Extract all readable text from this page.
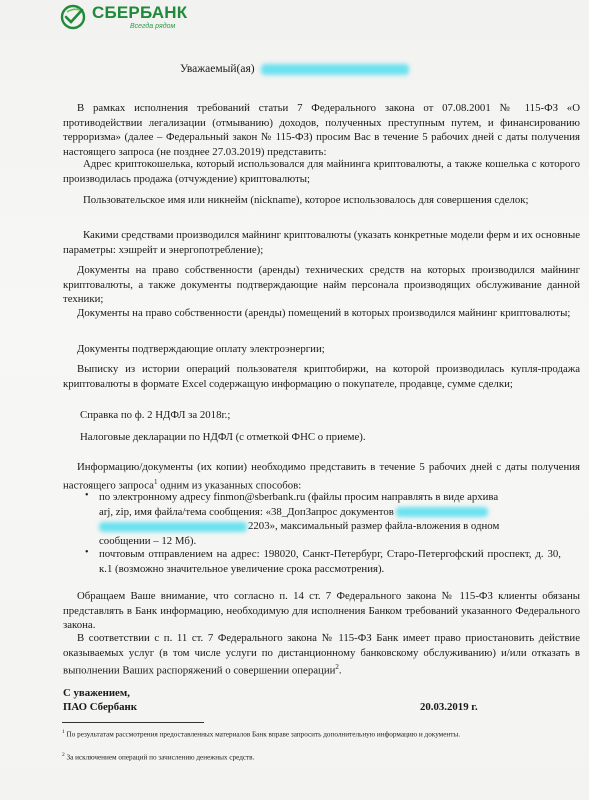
СБЕРБАНК
Всегда рядом
Уважаемый(ая)
В рамках исполнения требований статьи 7 Федерального закона от 07.08.2001 № 115-ФЗ «О противодействии легализации (отмыванию) доходов, полученных преступным путем, и финансированию терроризма» (далее – Федеральный закон № 115-ФЗ) просим Вас в течение 5 рабочих дней с даты получения настоящего запроса (не позднее 27.03.2019) представить:
Адрес криптокошелька, который использовался для майнинга криптовалюты, а также кошелька с которого производилась продажа (отчуждение) криптовалюты;
Пользовательское имя или никнейм (nickname), которое использовалось для совершения сделок;
Какими средствами производился майнинг криптовалюты (указать конкретные модели ферм и их основные параметры: хэшрейт и энергопотребление);
Документы на право собственности (аренды) технических средств на которых производился майнинг криптовалюты, а также документы подтверждающие найм персонала производящих обслуживание данной техники;
Документы на право собственности (аренды) помещений в которых производился майнинг криптовалюты;
Документы подтверждающие оплату электроэнергии;
Выписку из истории операций пользователя криптобиржи, на которой производилась купля-продажа криптовалюты в формате Excel содержащую информацию о покупателе, продавце, сумме сделки;
Справка по ф. 2 НДФЛ за 2018г.;
Налоговые декларации по НДФЛ (с отметкой ФНС о приеме).
Информацию/документы (их копии) необходимо представить в течение 5 рабочих дней с даты получения настоящего запроса$^1$ одним из указанных способов:
• по электронному адресу finmon@sberbank.ru (файлы просим направлять в виде архива
arj, zip, имя файла/тема сообщения: «38_ДопЗапрос документов
2203», максимальный размер файла-вложения в одном
сообщении – 12 Мб).
• почтовым отправлением на адрес: 198020, Санкт-Петербург, Старо-Петергофский проспект, д. 30, к.1 (возможно значительное увеличение срока рассмотрения).
Обращаем Ваше внимание, что согласно п. 14 ст. 7 Федерального закона № 115-ФЗ клиенты обязаны представлять в Банк информацию, необходимую для исполнения Банком требований указанного Федерального закона.
В соответствии с п. 11 ст. 7 Федерального закона № 115-ФЗ Банк имеет право приостановить действие оказываемых услуг (в том числе услуги по дистанционному банковскому обслуживанию) и/или отказать в выполнении Ваших распоряжений о совершении операции$^2$.
С уважением,
ПАО Сбербанк	20.03.2019 г.
$^1$ По результатам рассмотрения предоставленных материалов Банк вправе запросить дополнительную информацию и документы.
$^2$ За исключением операций по зачислению денежных средств.
